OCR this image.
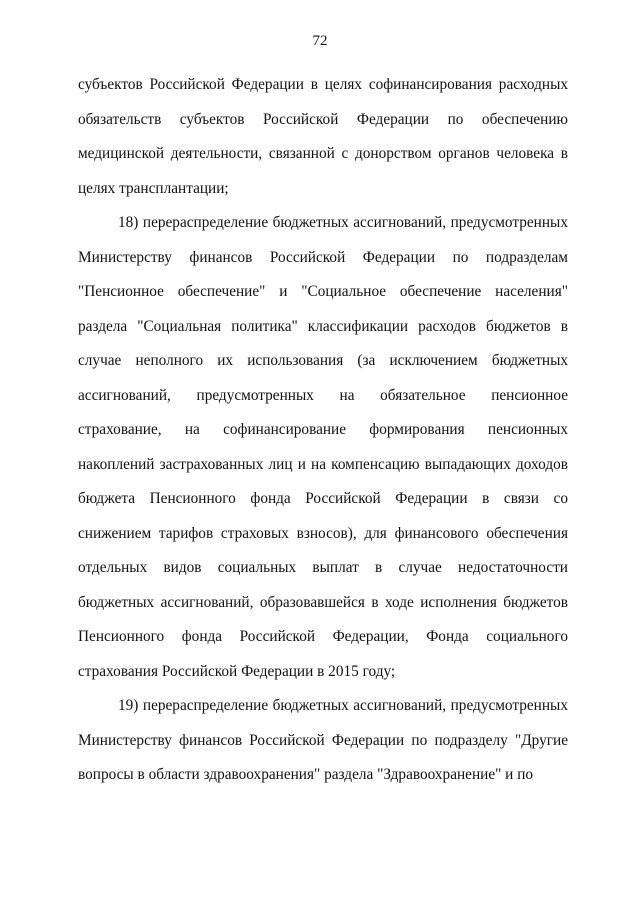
72

субъектов Российской Федерации в целях софинансирования расходных обязательств субъектов Российской Федерации по обеспечению медицинской деятельности, связанной с донорством органов человека в целях трансплантации;

18) перераспределение бюджетных ассигнований, предусмотренных Министерству финансов Российской Федерации по подразделам "Пенсионное обеспечение" и "Социальное обеспечение населения" раздела "Социальная политика" классификации расходов бюджетов в случае неполного их использования (за исключением бюджетных ассигнований, предусмотренных на обязательное пенсионное страхование, на софинансирование формирования пенсионных накоплений застрахованных лиц и на компенсацию выпадающих доходов бюджета Пенсионного фонда Российской Федерации в связи со снижением тарифов страховых взносов), для финансового обеспечения отдельных видов социальных выплат в случае недостаточности бюджетных ассигнований, образовавшейся в ходе исполнения бюджетов Пенсионного фонда Российской Федерации, Фонда социального страхования Российской Федерации в 2015 году;

19) перераспределение бюджетных ассигнований, предусмотренных Министерству финансов Российской Федерации по подразделу "Другие вопросы в области здравоохранения" раздела "Здравоохранение" и по
